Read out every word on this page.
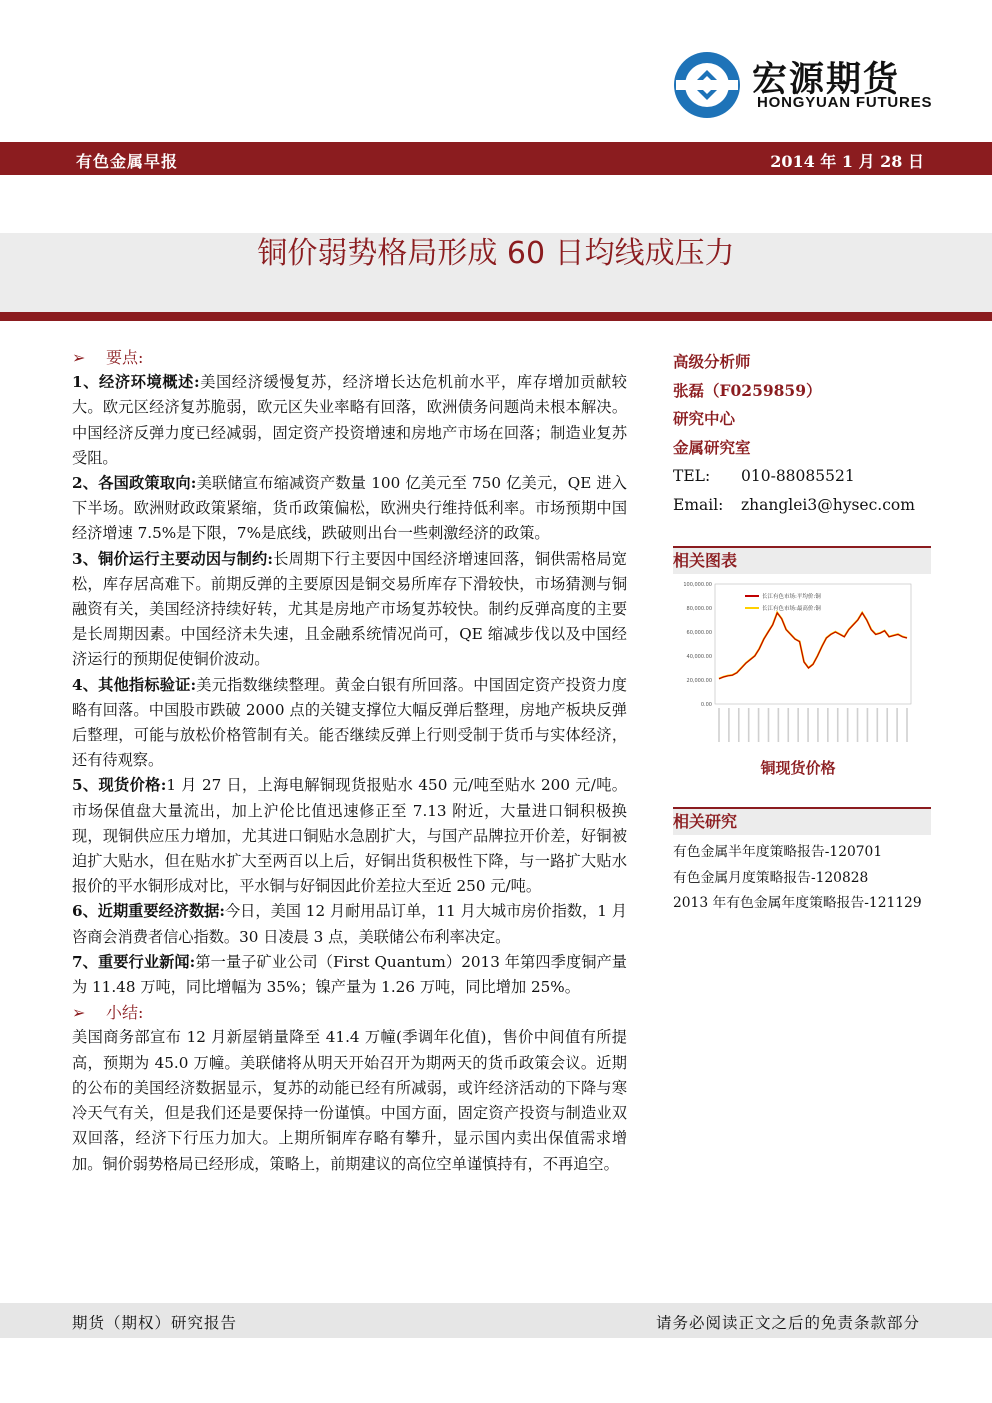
宏源期货
HONGYUAN FUTURES
有色金属早报	2014 年 1 月 28 日
铜价弱势格局形成 60 日均线成压力

➢ 要点:

1、经济环境概述:美国经济缓慢复苏，经济增长达危机前水平，库存增加贡献较大。欧元区经济复苏脆弱，欧元区失业率略有回落，欧洲债务问题尚未根本解决。中国经济反弹力度已经减弱，固定资产投资增速和房地产市场在回落；制造业复苏受阻。

2、各国政策取向:美联储宣布缩减资产数量 100 亿美元至 750 亿美元，QE 进入下半场。欧洲财政政策紧缩，货币政策偏松，欧洲央行维持低利率。市场预期中国经济增速 7.5%是下限，7%是底线，跌破则出台一些刺激经济的政策。

3、铜价运行主要动因与制约:长周期下行主要因中国经济增速回落，铜供需格局宽松，库存居高难下。前期反弹的主要原因是铜交易所库存下滑较快，市场猜测与铜融资有关，美国经济持续好转，尤其是房地产市场复苏较快。制约反弹高度的主要是长周期因素。中国经济未失速，且金融系统情况尚可，QE 缩减步伐以及中国经济运行的预期促使铜价波动。

4、其他指标验证:美元指数继续整理。黄金白银有所回落。中国固定资产投资力度略有回落。中国股市跌破 2000 点的关键支撑位大幅反弹后整理，房地产板块反弹后整理，可能与放松价格管制有关。能否继续反弹上行则受制于货币与实体经济，还有待观察。

5、现货价格:1 月 27 日，上海电解铜现货报贴水 450 元/吨至贴水 200 元/吨。市场保值盘大量流出，加上沪伦比值迅速修正至 7.13 附近，大量进口铜积极换现，现铜供应压力增加，尤其进口铜贴水急剧扩大，与国产品牌拉开价差，好铜被迫扩大贴水，但在贴水扩大至两百以上后，好铜出货积极性下降，与一路扩大贴水报价的平水铜形成对比，平水铜与好铜因此价差拉大至近 250 元/吨。

6、近期重要经济数据:今日，美国 12 月耐用品订单，11 月大城市房价指数，1 月咨商会消费者信心指数。30 日凌晨 3 点，美联储公布利率决定。

7、重要行业新闻:第一量子矿业公司（First Quantum）2013 年第四季度铜产量为 11.48 万吨，同比增幅为 35%；镍产量为 1.26 万吨，同比增加 25%。

➢ 小结:

美国商务部宣布 12 月新屋销量降至 41.4 万幢(季调年化值)，售价中间值有所提高，预期为 45.0 万幢。美联储将从明天开始召开为期两天的货币政策会议。近期的公布的美国经济数据显示，复苏的动能已经有所减弱，或许经济活动的下降与寒冷天气有关，但是我们还是要保持一份谨慎。中国方面，固定资产投资与制造业双双回落，经济下行压力加大。上期所铜库存略有攀升，显示国内卖出保值需求增加。铜价弱势格局已经形成，策略上，前期建议的高位空单谨慎持有，不再追空。

高级分析师
张磊（F0259859）
研究中心
金属研究室
TEL:	010-88085521
Email:	zhanglei3@hysec.com
相关图表
100,000.00
80,000.00
60,000.00
40,000.00
20,000.00
0.00
长江有色市场:平均价:铜
长江有色市场:最高价:铜
铜现货价格
相关研究
有色金属半年度策略报告-120701
有色金属月度策略报告-120828
2013 年有色金属年度策略报告-121129
期货（期权）研究报告	请务必阅读正文之后的免责条款部分
